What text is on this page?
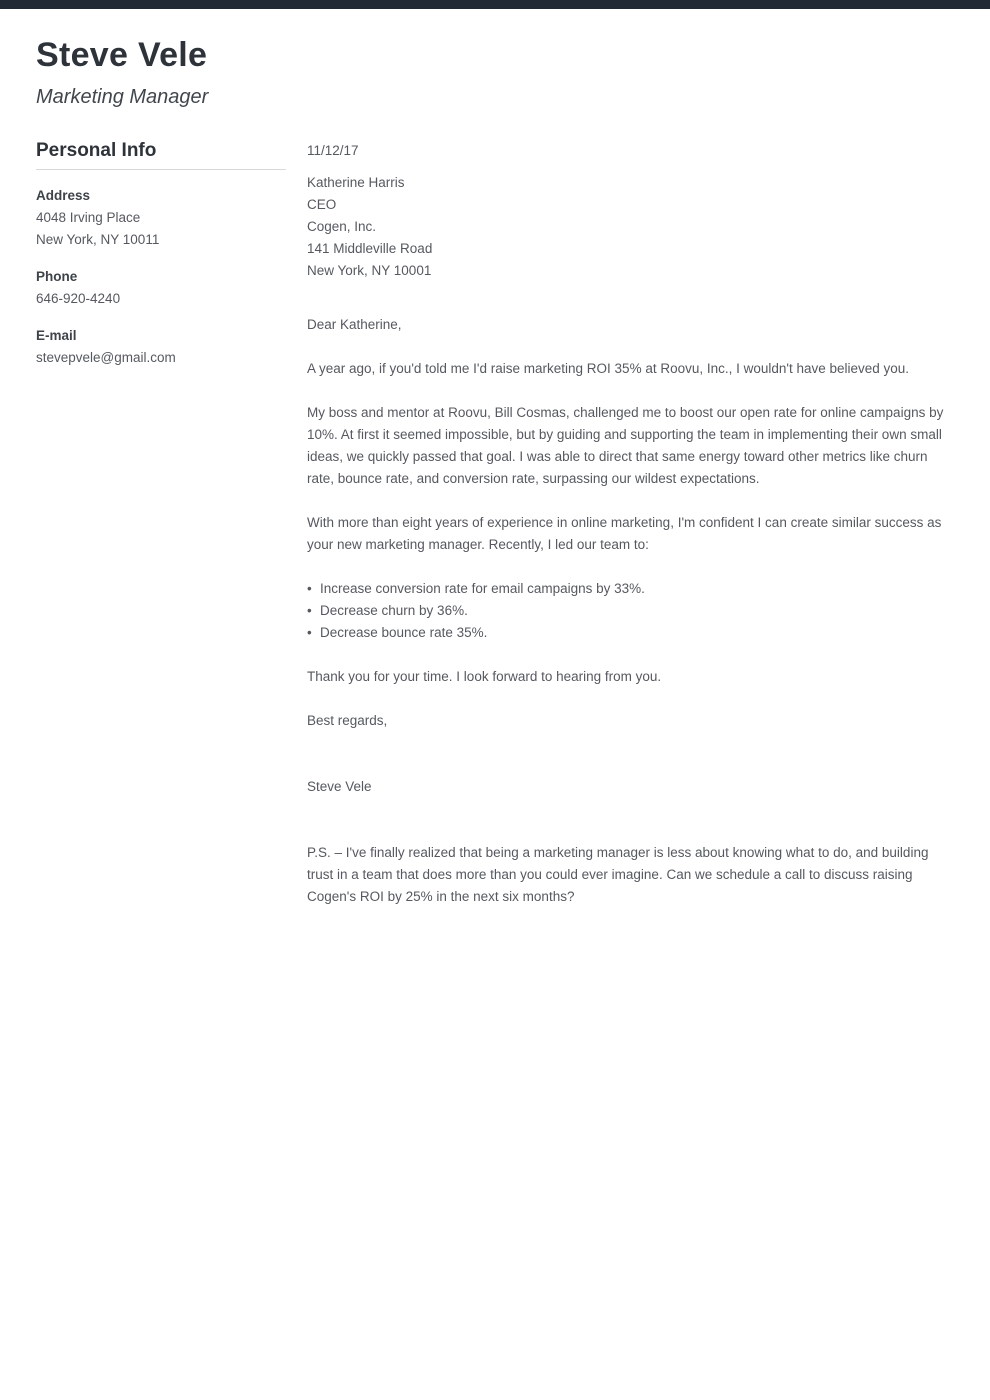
Steve Vele
Marketing Manager
Personal Info
Address
4048 Irving Place
New York, NY 10011
Phone
646-920-4240
E-mail
stevepvele@gmail.com

11/12/17

Katherine Harris
CEO
Cogen, Inc.
141 Middleville Road
New York, NY 10001

Dear Katherine,

A year ago, if you'd told me I'd raise marketing ROI 35% at Roovu, Inc., I wouldn't have believed you.

My boss and mentor at Roovu, Bill Cosmas, challenged me to boost our open rate for online campaigns by 10%. At first it seemed impossible, but by guiding and supporting the team in implementing their own small ideas, we quickly passed that goal. I was able to direct that same energy toward other metrics like churn rate, bounce rate, and conversion rate, surpassing our wildest expectations.

With more than eight years of experience in online marketing, I'm confident I can create similar success as your new marketing manager. Recently, I led our team to:

• Increase conversion rate for email campaigns by 33%.
• Decrease churn by 36%.
• Decrease bounce rate 35%.

Thank you for your time. I look forward to hearing from you.

Best regards,

Steve Vele

P.S. – I've finally realized that being a marketing manager is less about knowing what to do, and building trust in a team that does more than you could ever imagine. Can we schedule a call to discuss raising Cogen's ROI by 25% in the next six months?
